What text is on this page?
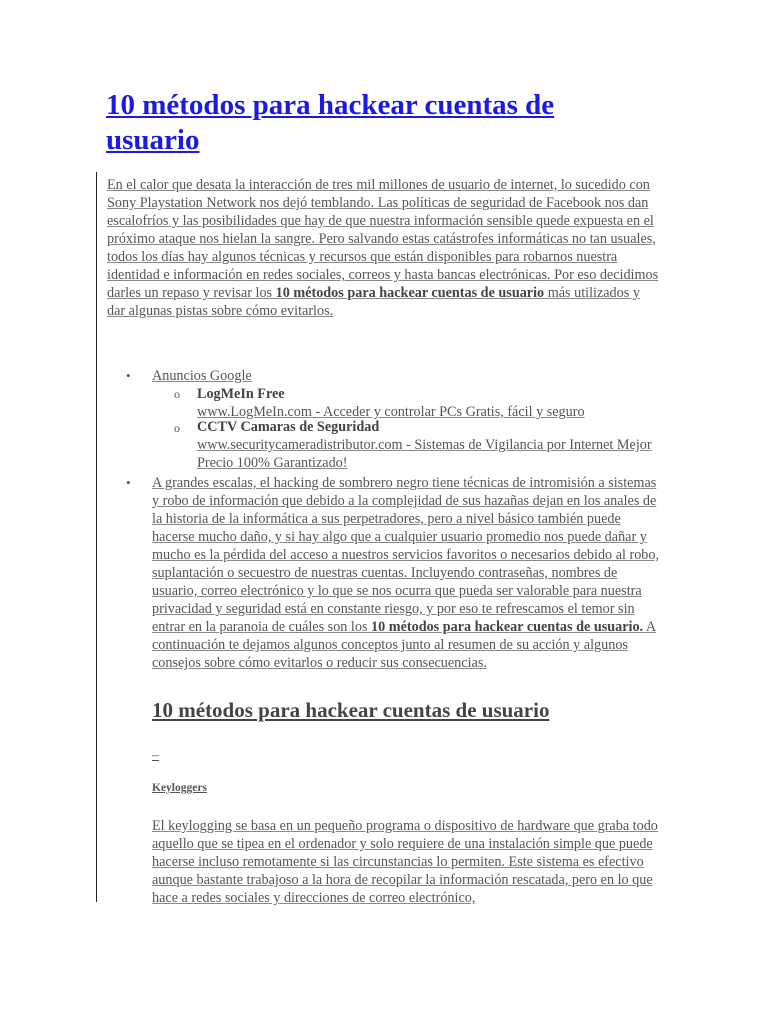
10 métodos para hackear cuentas de usuario

En el calor que desata la interacción de tres mil millones de usuario de internet, lo sucedido con Sony Playstation Network nos dejó temblando. Las políticas de seguridad de Facebook nos dan escalofríos y las posibilidades que hay de que nuestra información sensible quede expuesta en el próximo ataque nos hielan la sangre. Pero salvando estas catástrofes informáticas no tan usuales, todos los días hay algunos técnicas y recursos que están disponibles para robarnos nuestra identidad e información en redes sociales, correos y hasta bancas electrónicas. Por eso decidimos darles un repaso y revisar los 10 métodos para hackear cuentas de usuario más utilizados y dar algunas pistas sobre cómo evitarlos.

• Anuncios Google
o LogMeIn Free
www.LogMeIn.com - Acceder y controlar PCs Gratis, fácil y seguro
o CCTV Camaras de Seguridad
www.securitycameradistributor.com - Sistemas de Vigilancia por Internet Mejor Precio 100% Garantizado!
• A grandes escalas, el hacking de sombrero negro tiene técnicas de intromisión a sistemas y robo de información que debido a la complejidad de sus hazañas dejan en los anales de la historia de la informática a sus perpetradores, pero a nivel básico también puede hacerse mucho daño, y si hay algo que a cualquier usuario promedio nos puede dañar y mucho es la pérdida del acceso a nuestros servicios favoritos o necesarios debido al robo, suplantación o secuestro de nuestras cuentas. Incluyendo contraseñas, nombres de usuario, correo electrónico y lo que se nos ocurra que pueda ser valorable para nuestra privacidad y seguridad está en constante riesgo, y por eso te refrescamos el temor sin entrar en la paranoia de cuáles son los 10 métodos para hackear cuentas de usuario. A continuación te dejamos algunos conceptos junto al resumen de su acción y algunos consejos sobre cómo evitarlos o reducir sus consecuencias.

10 métodos para hackear cuentas de usuario
–
Keyloggers

El keylogging se basa en un pequeño programa o dispositivo de hardware que graba todo aquello que se tipea en el ordenador y solo requiere de una instalación simple que puede hacerse incluso remotamente si las circunstancias lo permiten. Este sistema es efectivo aunque bastante trabajoso a la hora de recopilar la información rescatada, pero en lo que hace a redes sociales y direcciones de correo electrónico,
